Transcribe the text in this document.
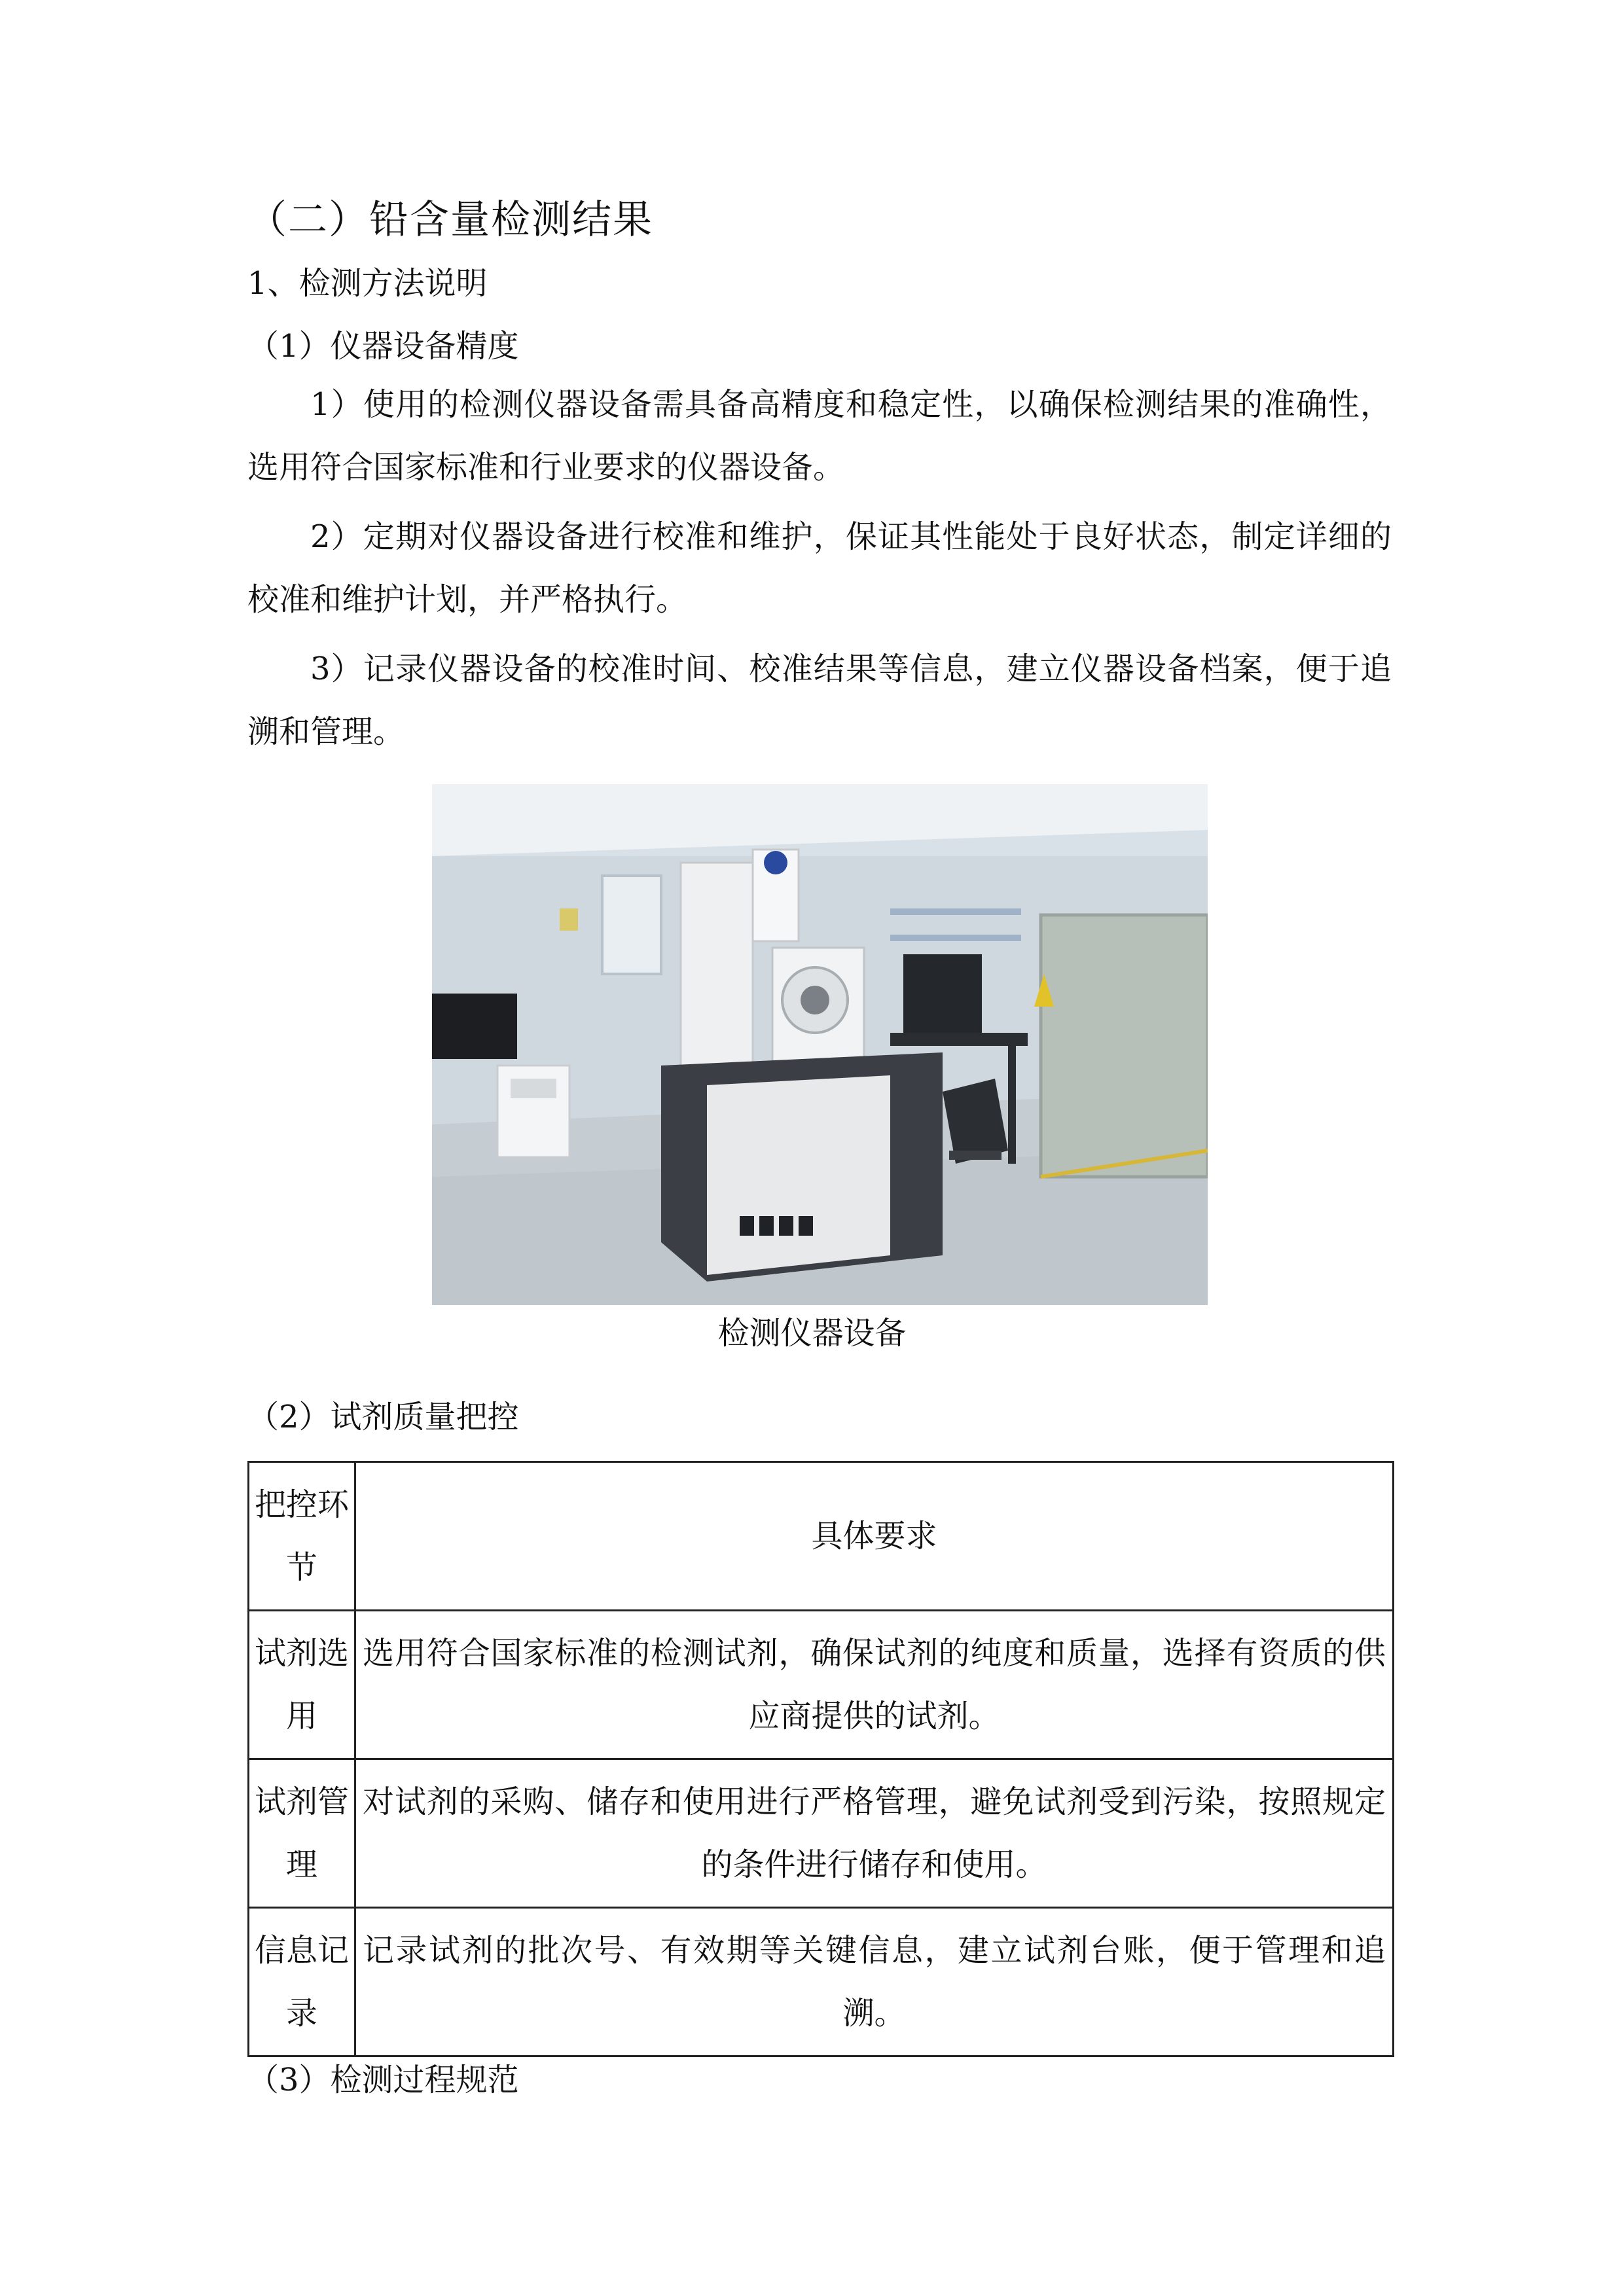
（二）铅含量检测结果
1、检测方法说明
（1）仪器设备精度

1）使用的检测仪器设备需具备高精度和稳定性，以确保检测结果的准确性，选用符合国家标准和行业要求的仪器设备。

2）定期对仪器设备进行校准和维护，保证其性能处于良好状态，制定详细的校准和维护计划，并严格执行。

3）记录仪器设备的校准时间、校准结果等信息，建立仪器设备档案，便于追溯和管理。

检测仪器设备
（2）试剂质量把控
把控环节	具体要求
试剂选用	选用符合国家标准的检测试剂，确保试剂的纯度和质量，选择有资质的供应商提供的试剂。

试剂管理	对试剂的采购、储存和使用进行严格管理，避免试剂受到污染，按照规定的条件进行储存和使用。

信息记录	记录试剂的批次号、有效期等关键信息，建立试剂台账，便于管理和追溯。
（3）检测过程规范
